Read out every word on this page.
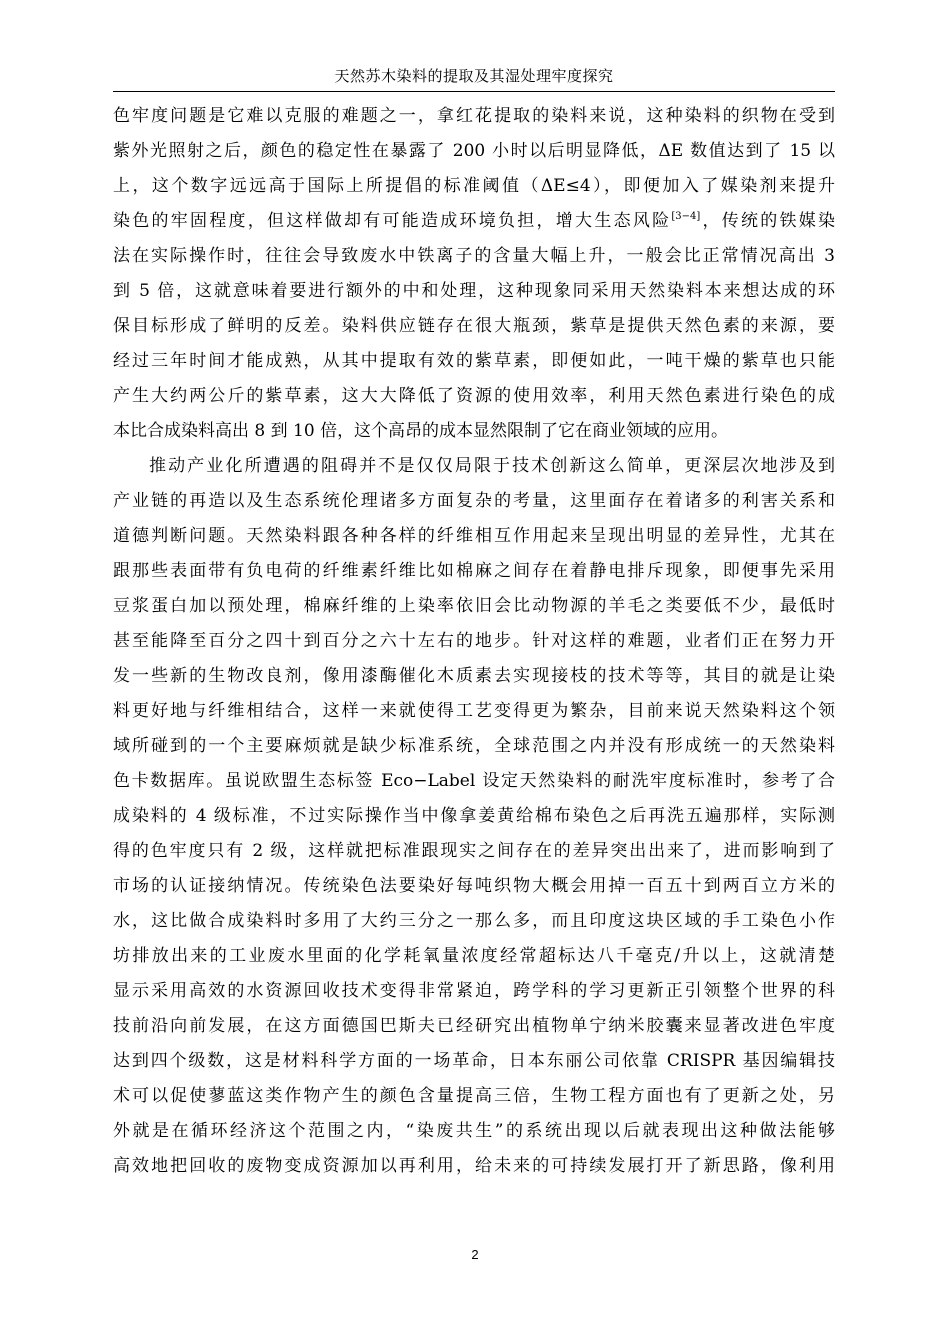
天然苏木染料的提取及其湿处理牢度探究
色牢度问题是它难以克服的难题之一，拿红花提取的染料来说，这种染料的织物在受到
紫外光照射之后，颜色的稳定性在暴露了 200 小时以后明显降低，ΔE 数值达到了 15 以
上，这个数字远远高于国际上所提倡的标准阈值（ΔE≤4），即便加入了媒染剂来提升
染色的牢固程度，但这样做却有可能造成环境负担，增大生态风险[3−4]，传统的铁媒染
法在实际操作时，往往会导致废水中铁离子的含量大幅上升，一般会比正常情况高出 3
到 5 倍，这就意味着要进行额外的中和处理，这种现象同采用天然染料本来想达成的环
保目标形成了鲜明的反差。染料供应链存在很大瓶颈，紫草是提供天然色素的来源，要
经过三年时间才能成熟，从其中提取有效的紫草素，即便如此，一吨干燥的紫草也只能
产生大约两公斤的紫草素，这大大降低了资源的使用效率，利用天然色素进行染色的成
本比合成染料高出 8 到 10 倍，这个高昂的成本显然限制了它在商业领域的应用。
推动产业化所遭遇的阻碍并不是仅仅局限于技术创新这么简单，更深层次地涉及到
产业链的再造以及生态系统伦理诸多方面复杂的考量，这里面存在着诸多的利害关系和
道德判断问题。天然染料跟各种各样的纤维相互作用起来呈现出明显的差异性，尤其在
跟那些表面带有负电荷的纤维素纤维比如棉麻之间存在着静电排斥现象，即便事先采用
豆浆蛋白加以预处理，棉麻纤维的上染率依旧会比动物源的羊毛之类要低不少，最低时
甚至能降至百分之四十到百分之六十左右的地步。针对这样的难题，业者们正在努力开
发一些新的生物改良剂，像用漆酶催化木质素去实现接枝的技术等等，其目的就是让染
料更好地与纤维相结合，这样一来就使得工艺变得更为繁杂，目前来说天然染料这个领
域所碰到的一个主要麻烦就是缺少标准系统，全球范围之内并没有形成统一的天然染料
色卡数据库。虽说欧盟生态标签 Eco−Label 设定天然染料的耐洗牢度标准时，参考了合
成染料的 4 级标准，不过实际操作当中像拿姜黄给棉布染色之后再洗五遍那样，实际测
得的色牢度只有 2 级，这样就把标准跟现实之间存在的差异突出出来了，进而影响到了
市场的认证接纳情况。传统染色法要染好每吨织物大概会用掉一百五十到两百立方米的
水，这比做合成染料时多用了大约三分之一那么多，而且印度这块区域的手工染色小作
坊排放出来的工业废水里面的化学耗氧量浓度经常超标达八千毫克/升以上，这就清楚
显示采用高效的水资源回收技术变得非常紧迫，跨学科的学习更新正引领整个世界的科
技前沿向前发展，在这方面德国巴斯夫已经研究出植物单宁纳米胶囊来显著改进色牢度
达到四个级数，这是材料科学方面的一场革命，日本东丽公司依靠 CRISPR 基因编辑技
术可以促使蓼蓝这类作物产生的颜色含量提高三倍，生物工程方面也有了更新之处，另
外就是在循环经济这个范围之内，“染废共生”的系统出现以后就表现出这种做法能够
高效地把回收的废物变成资源加以再利用，给未来的可持续发展打开了新思路，像利用
2
